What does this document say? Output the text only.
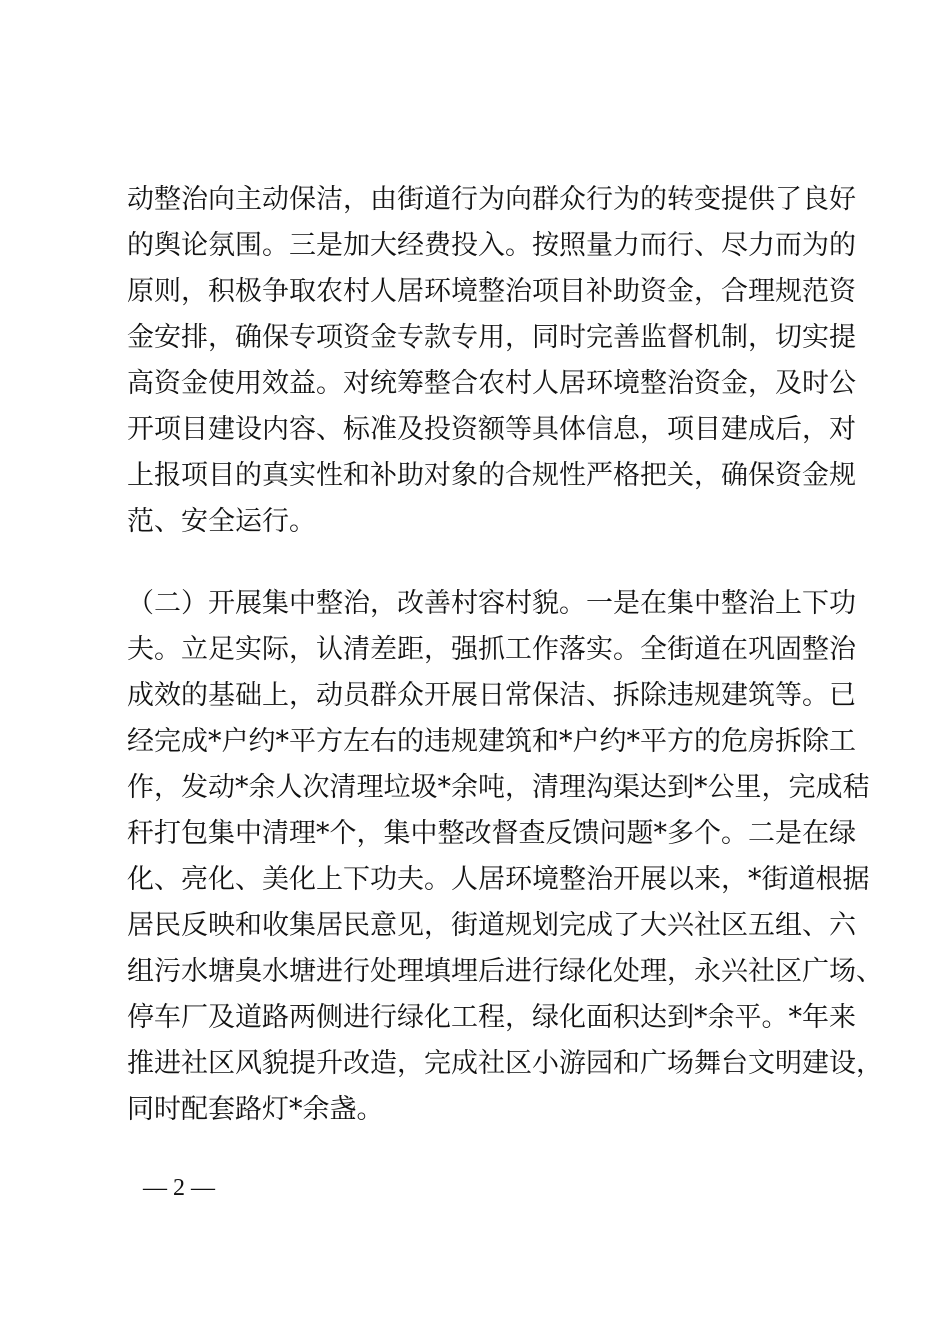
动整治向主动保洁，由街道行为向群众行为的转变提供了良好
的舆论氛围。三是加大经费投入。按照量力而行、尽力而为的
原则，积极争取农村人居环境整治项目补助资金，合理规范资
金安排，确保专项资金专款专用，同时完善监督机制，切实提
高资金使用效益。对统筹整合农村人居环境整治资金，及时公
开项目建设内容、标准及投资额等具体信息，项目建成后，对
上报项目的真实性和补助对象的合规性严格把关，确保资金规
范、安全运行。
（二）开展集中整治，改善村容村貌。一是在集中整治上下功
夫。立足实际，认清差距，强抓工作落实。全街道在巩固整治
成效的基础上，动员群众开展日常保洁、拆除违规建筑等。已
经完成*户约*平方左右的违规建筑和*户约*平方的危房拆除工
作，发动*余人次清理垃圾*余吨，清理沟渠达到*公里，完成秸
秆打包集中清理*个，集中整改督查反馈问题*多个。二是在绿
化、亮化、美化上下功夫。人居环境整治开展以来，*街道根据
居民反映和收集居民意见，街道规划完成了大兴社区五组、六
组污水塘臭水塘进行处理填埋后进行绿化处理，永兴社区广场、
停车厂及道路两侧进行绿化工程，绿化面积达到*余平。*年来
推进社区风貌提升改造，完成社区小游园和广场舞台文明建设，
同时配套路灯*余盏。
— 2 —
